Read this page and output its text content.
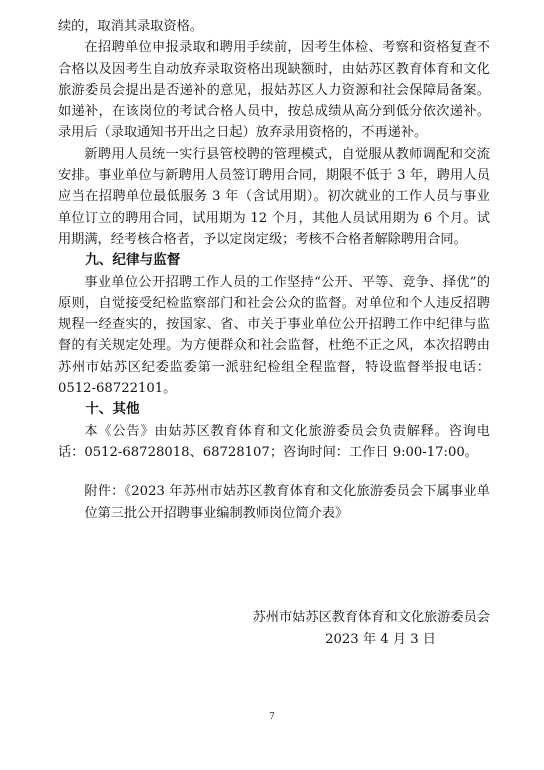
续的，取消其录取资格。

在招聘单位申报录取和聘用手续前，因考生体检、考察和资格复查不合格以及因考生自动放弃录取资格出现缺额时，由姑苏区教育体育和文化旅游委员会提出是否递补的意见，报姑苏区人力资源和社会保障局备案。如递补，在该岗位的考试合格人员中，按总成绩从高分到低分依次递补。录用后（录取通知书开出之日起）放弃录用资格的，不再递补。

新聘用人员统一实行县管校聘的管理模式，自觉服从教师调配和交流安排。事业单位与新聘用人员签订聘用合同，期限不低于 3 年，聘用人员应当在招聘单位最低服务 3 年（含试用期）。初次就业的工作人员与事业单位订立的聘用合同，试用期为 12 个月，其他人员试用期为 6 个月。试用期满，经考核合格者，予以定岗定级；考核不合格者解除聘用合同。

九、纪律与监督

事业单位公开招聘工作人员的工作坚持“公开、平等、竞争、择优”的原则，自觉接受纪检监察部门和社会公众的监督。对单位和个人违反招聘规程一经查实的，按国家、省、市关于事业单位公开招聘工作中纪律与监督的有关规定处理。为方便群众和社会监督，杜绝不正之风，本次招聘由苏州市姑苏区纪委监委第一派驻纪检组全程监督，特设监督举报电话：0512-68722101。

十、其他

本《公告》由姑苏区教育体育和文化旅游委员会负责解释。咨询电话：0512-68728018、68728107；咨询时间：工作日 9:00-17:00。

附件：《2023 年苏州市姑苏区教育体育和文化旅游委员会下属事业单位第三批公开招聘事业编制教师岗位简介表》

苏州市姑苏区教育体育和文化旅游委员会
2023 年 4 月 3 日
7
